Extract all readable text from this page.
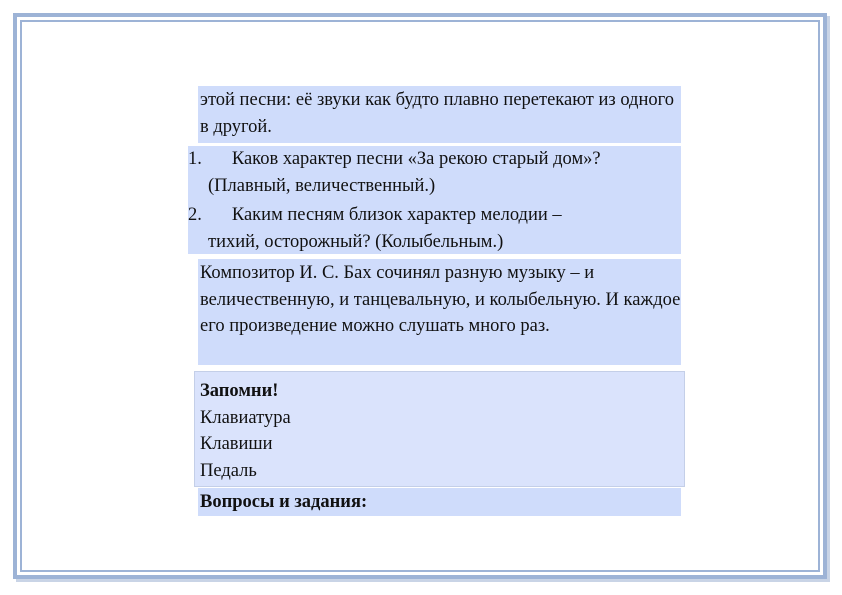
этой песни: её звуки как будто плавно перетекают из одного в другой.
1. Каков характер песни «За рекою старый дом»?
(Плавный, величественный.)
2. Каким песням близок характер мелодии –
тихий, осторожный? (Колыбельным.)
Композитор И. С. Бах сочинял разную музыку – и величественную, и танцевальную, и колыбельную. И каждое его произведение можно слушать много раз.
Запомни!
Клавиатура
Клавиши
Педаль
Вопросы и задания:
